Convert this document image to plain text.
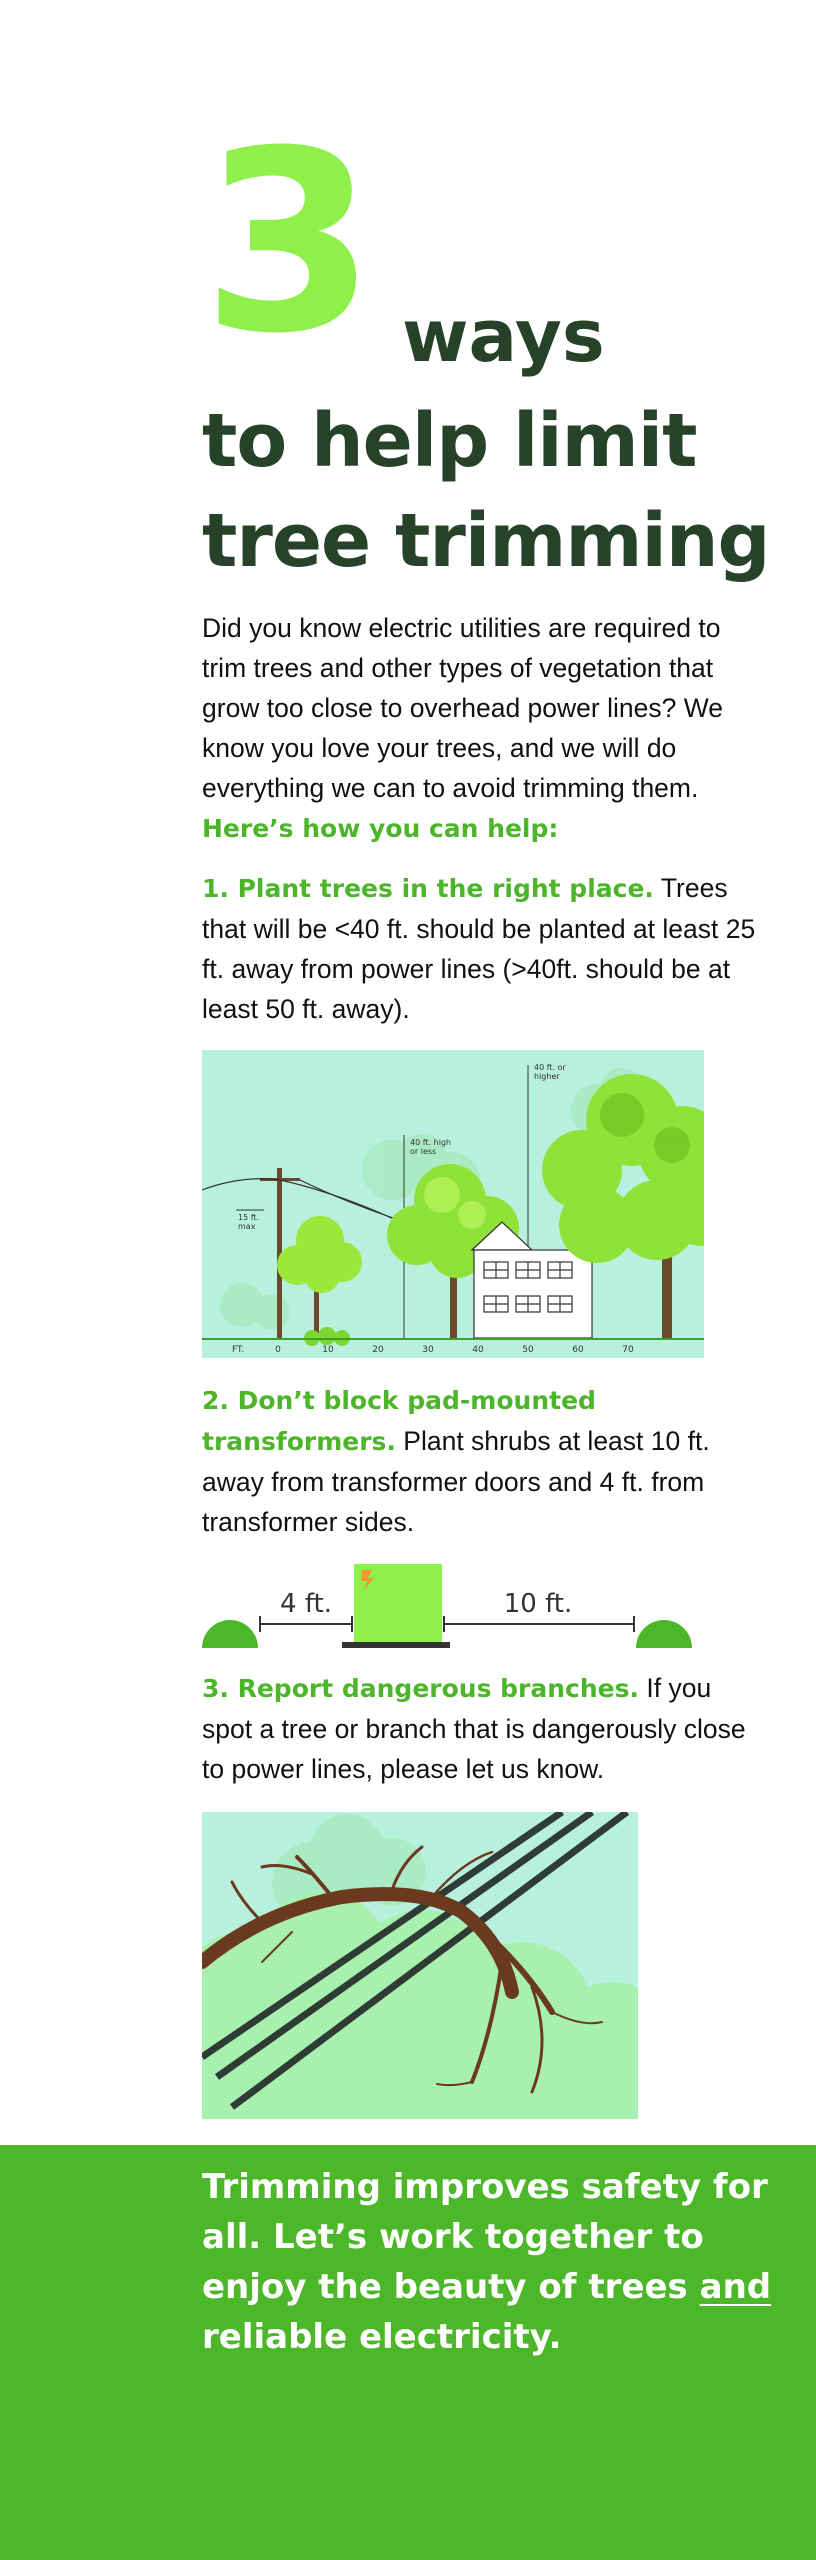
3 ways
to help limit
tree trimming
Did you know electric utilities are required to trim trees and other types of vegetation that grow too close to overhead power lines? We know you love your trees, and we will do everything we can to avoid trimming them. Here’s how you can help:
1. Plant trees in the right place. Trees that will be <40 ft. should be planted at least 25 ft. away from power lines (>40ft. should be at least 50 ft. away).
40 ft. high
or less
40 ft. or
higher
15 ft.
max
FT.	0	10	20	30	40	50	60	70
2. Don’t block pad-mounted transformers. Plant shrubs at least 10 ft. away from transformer doors and 4 ft. from transformer sides.
4 ft.	10 ft.
3. Report dangerous branches. If you spot a tree or branch that is dangerously close to power lines, please let us know.
Trimming improves safety for all. Let’s work together to enjoy the beauty of trees and reliable electricity.
